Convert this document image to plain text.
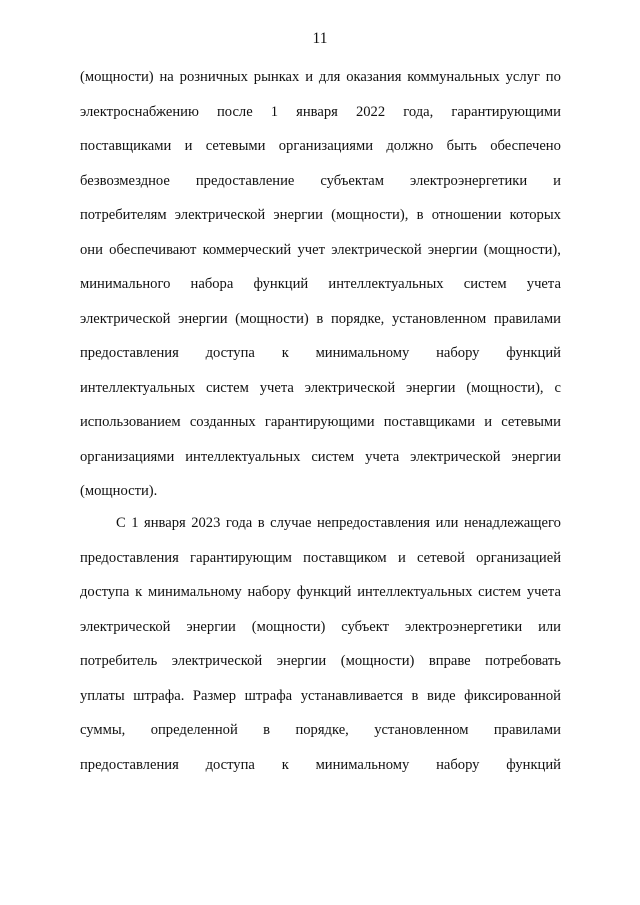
11
(мощности) на розничных рынках и для оказания коммунальных услуг по
электроснабжению после 1 января 2022 года, гарантирующими
поставщиками и сетевыми организациями должно быть обеспечено
безвозмездное предоставление субъектам электроэнергетики и
потребителям электрической энергии (мощности), в отношении которых
они обеспечивают коммерческий учет электрической энергии (мощности),
минимального набора функций интеллектуальных систем учета
электрической энергии (мощности) в порядке, установленном правилами
предоставления доступа к минимальному набору функций
интеллектуальных систем учета электрической энергии (мощности), с
использованием созданных гарантирующими поставщиками и сетевыми
организациями интеллектуальных систем учета электрической энергии
(мощности).
С 1 января 2023 года в случае непредоставления или ненадлежащего
предоставления гарантирующим поставщиком и сетевой организацией
доступа к минимальному набору функций интеллектуальных систем учета
электрической энергии (мощности) субъект электроэнергетики или
потребитель электрической энергии (мощности) вправе потребовать
уплаты штрафа. Размер штрафа устанавливается в виде фиксированной
суммы, определенной в порядке, установленном правилами
предоставления доступа к минимальному набору функций
